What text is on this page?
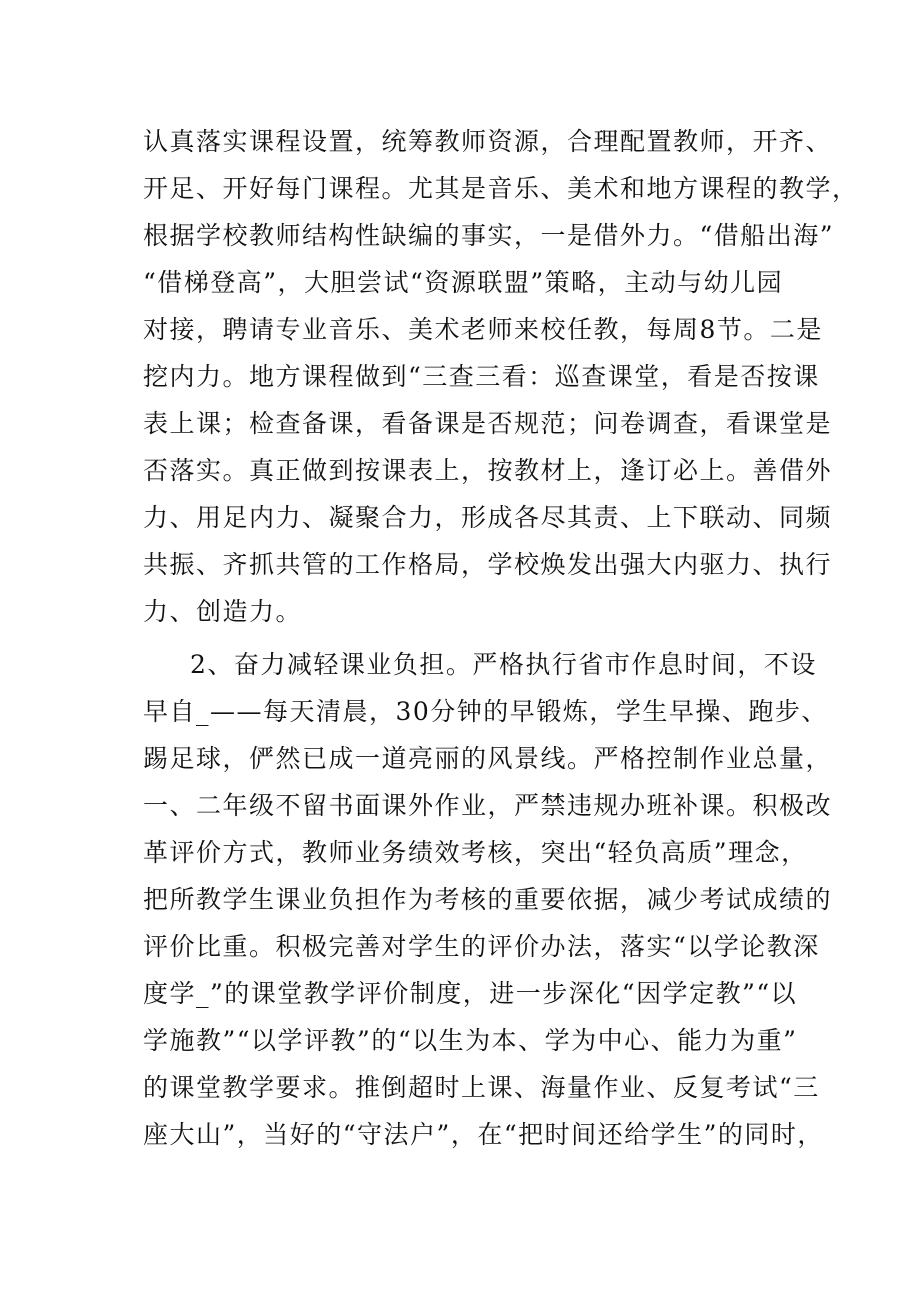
认真落实课程设置，统筹教师资源，合理配置教师，开齐、
开足、开好每门课程。尤其是音乐、美术和地方课程的教学，
根据学校教师结构性缺编的事实，一是借外力。“借船出海”
“借梯登高”，大胆尝试“资源联盟”策略，主动与幼儿园
对接，聘请专业音乐、美术老师来校任教，每周8节。二是
挖内力。地方课程做到“三查三看：巡查课堂，看是否按课
表上课；检查备课，看备课是否规范；问卷调查，看课堂是
否落实。真正做到按课表上，按教材上，逢订必上。善借外
力、用足内力、凝聚合力，形成各尽其责、上下联动、同频
共振、齐抓共管的工作格局，学校焕发出强大内驱力、执行
力、创造力。
2、奋力减轻课业负担。严格执行省市作息时间，不设
早自_——每天清晨，30分钟的早锻炼，学生早操、跑步、
踢足球，俨然已成一道亮丽的风景线。严格控制作业总量，
一、二年级不留书面课外作业，严禁违规办班补课。积极改
革评价方式，教师业务绩效考核，突出“轻负高质”理念，
把所教学生课业负担作为考核的重要依据，减少考试成绩的
评价比重。积极完善对学生的评价办法，落实“以学论教深
度学_”的课堂教学评价制度，进一步深化“因学定教”“以
学施教”“以学评教”的“以生为本、学为中心、能力为重”
的课堂教学要求。推倒超时上课、海量作业、反复考试“三
座大山”，当好的“守法户”，在“把时间还给学生”的同时，
